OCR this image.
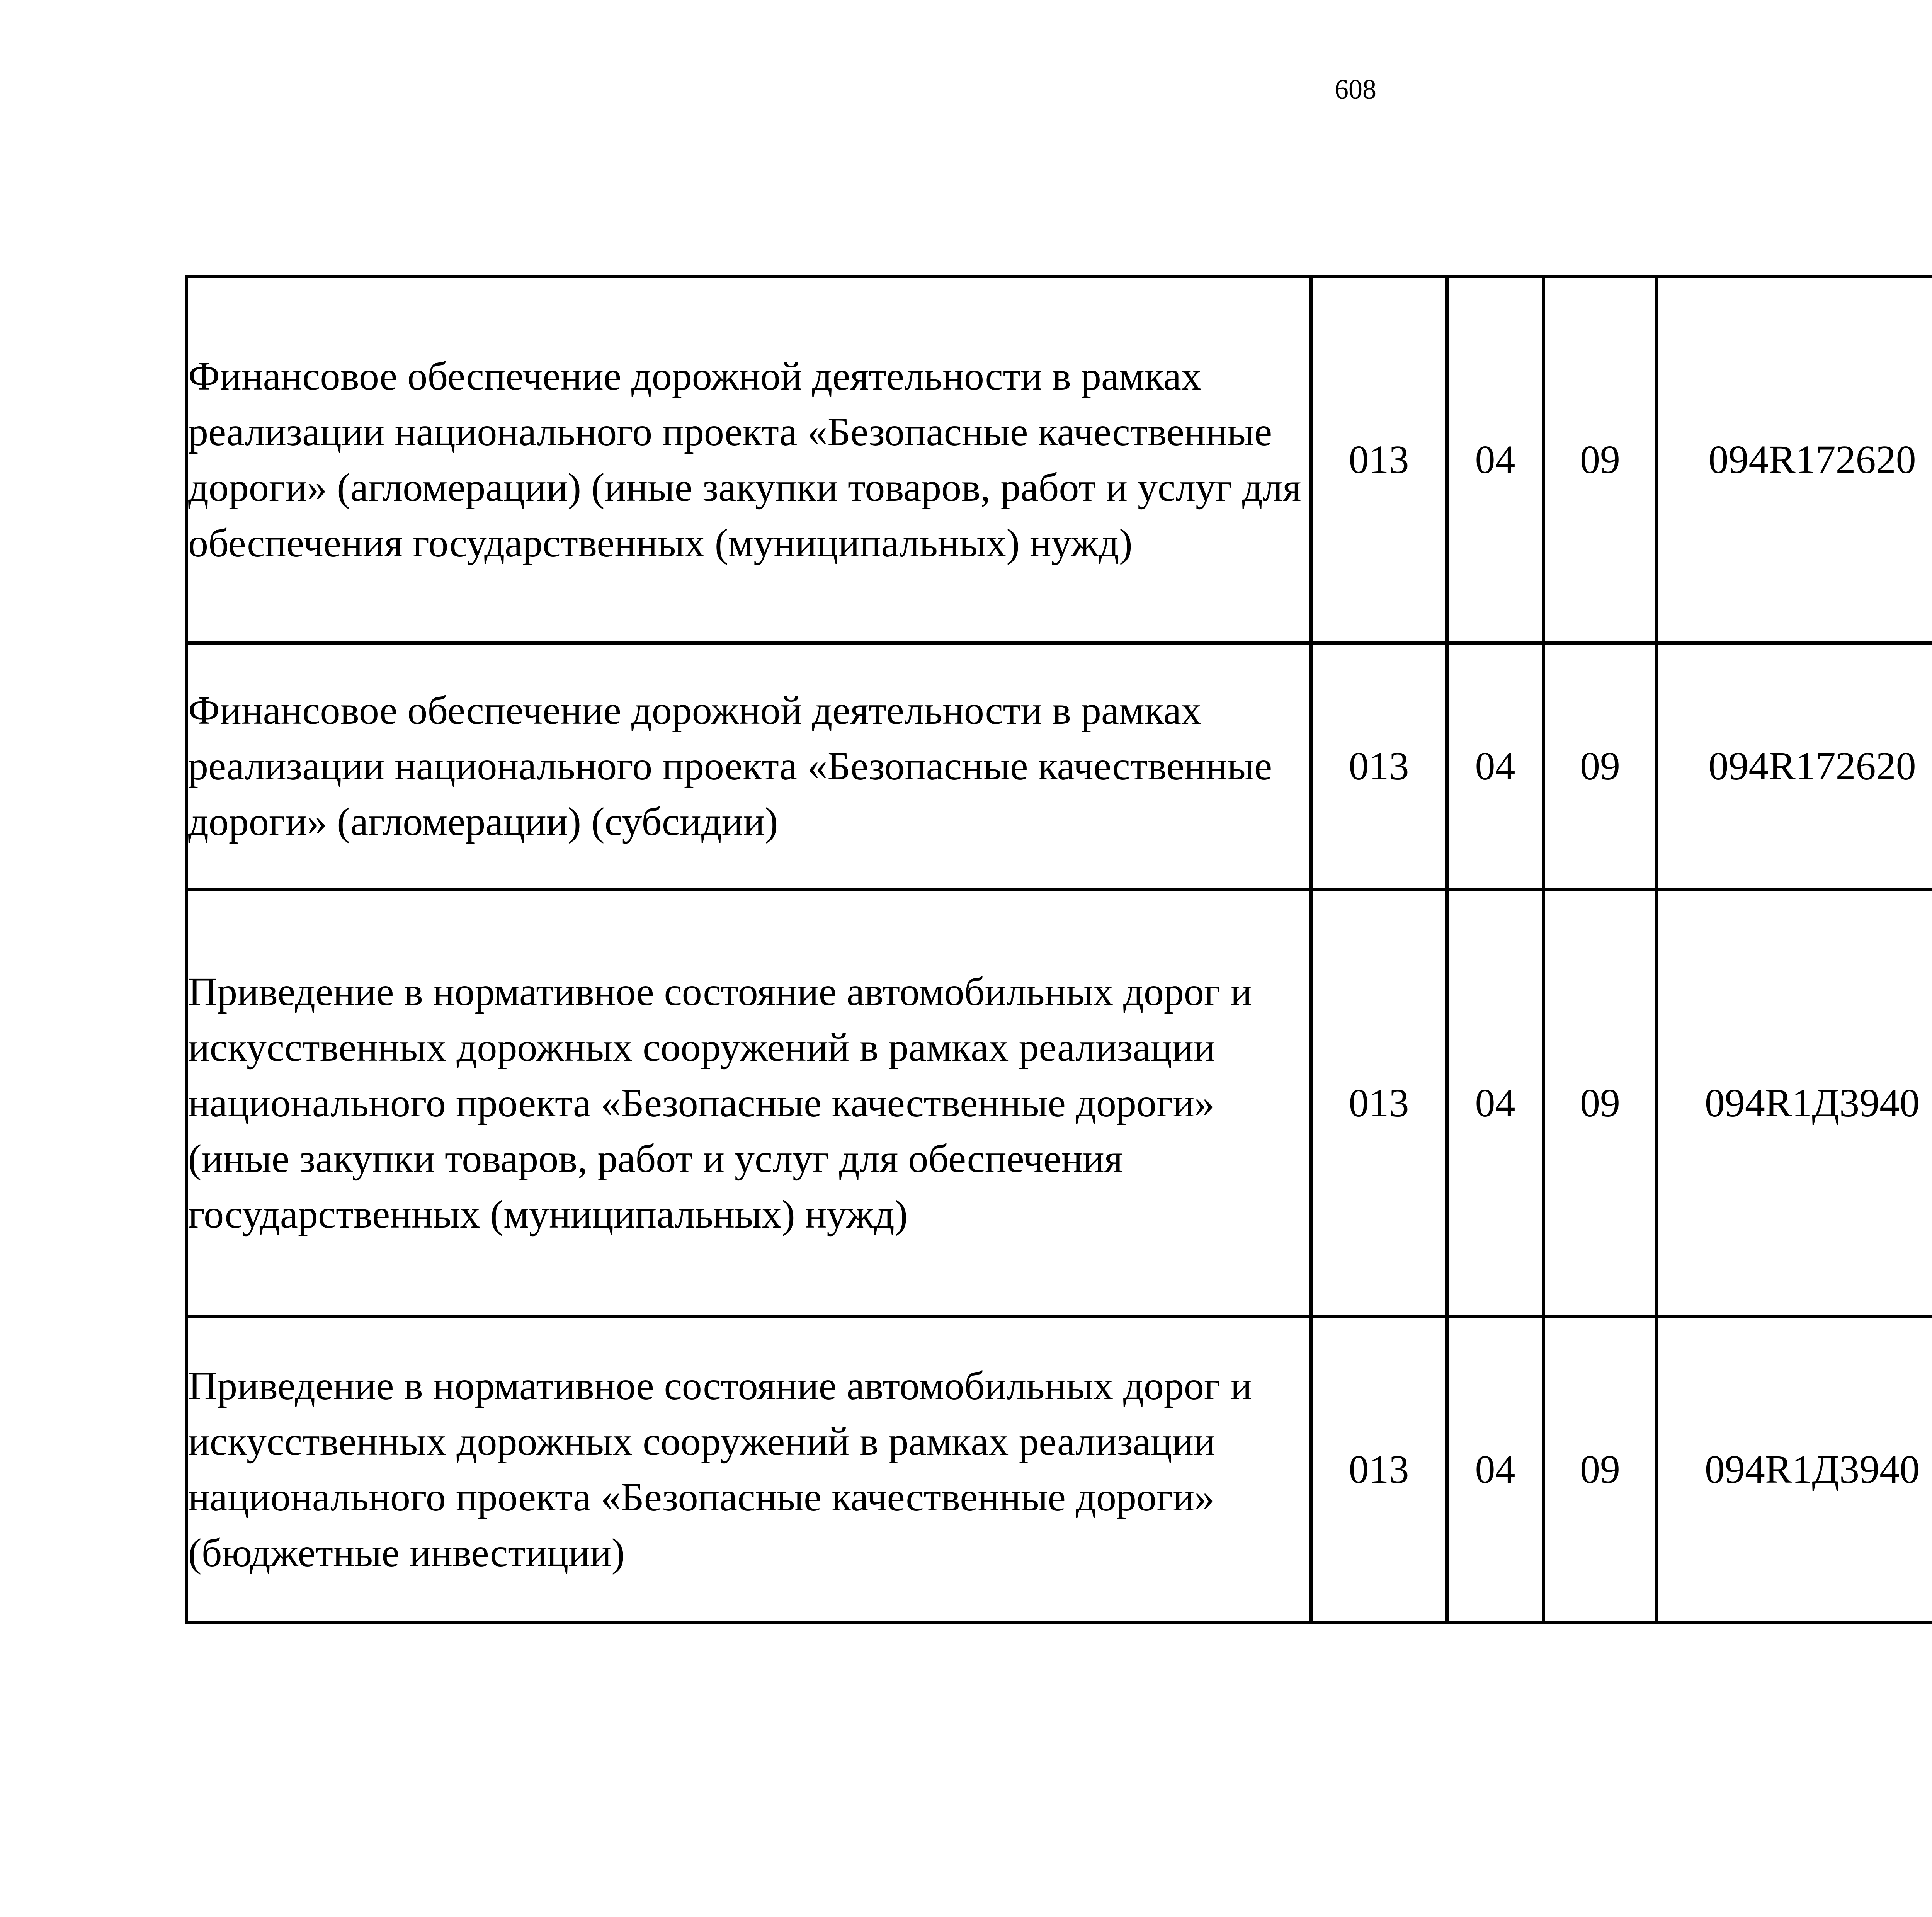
608
Финансовое обеспечение дорожной деятельности в рамках реализации национального проекта «Безопасные качественные дороги» (агломерации) (иные закупки товаров, работ и услуг для обеспечения государственных (муниципальных) нужд)	013	04	09	094R172620		
Финансовое обеспечение дорожной деятельности в рамках реализации национального проекта «Безопасные качественные дороги» (агломерации) (субсидии)	013	04	09	094R172620		
Приведение в нормативное состояние автомобильных дорог и искусственных дорожных сооружений в рамках реализации национального проекта «Безопасные качественные дороги» (иные закупки товаров, работ и услуг для обеспечения государственных (муниципальных) нужд)	013	04	09	094R1Д3940		
Приведение в нормативное состояние автомобильных дорог и искусственных дорожных сооружений в рамках реализации национального проекта «Безопасные качественные дороги» (бюджетные инвестиции)	013	04	09	094R1Д3940		
